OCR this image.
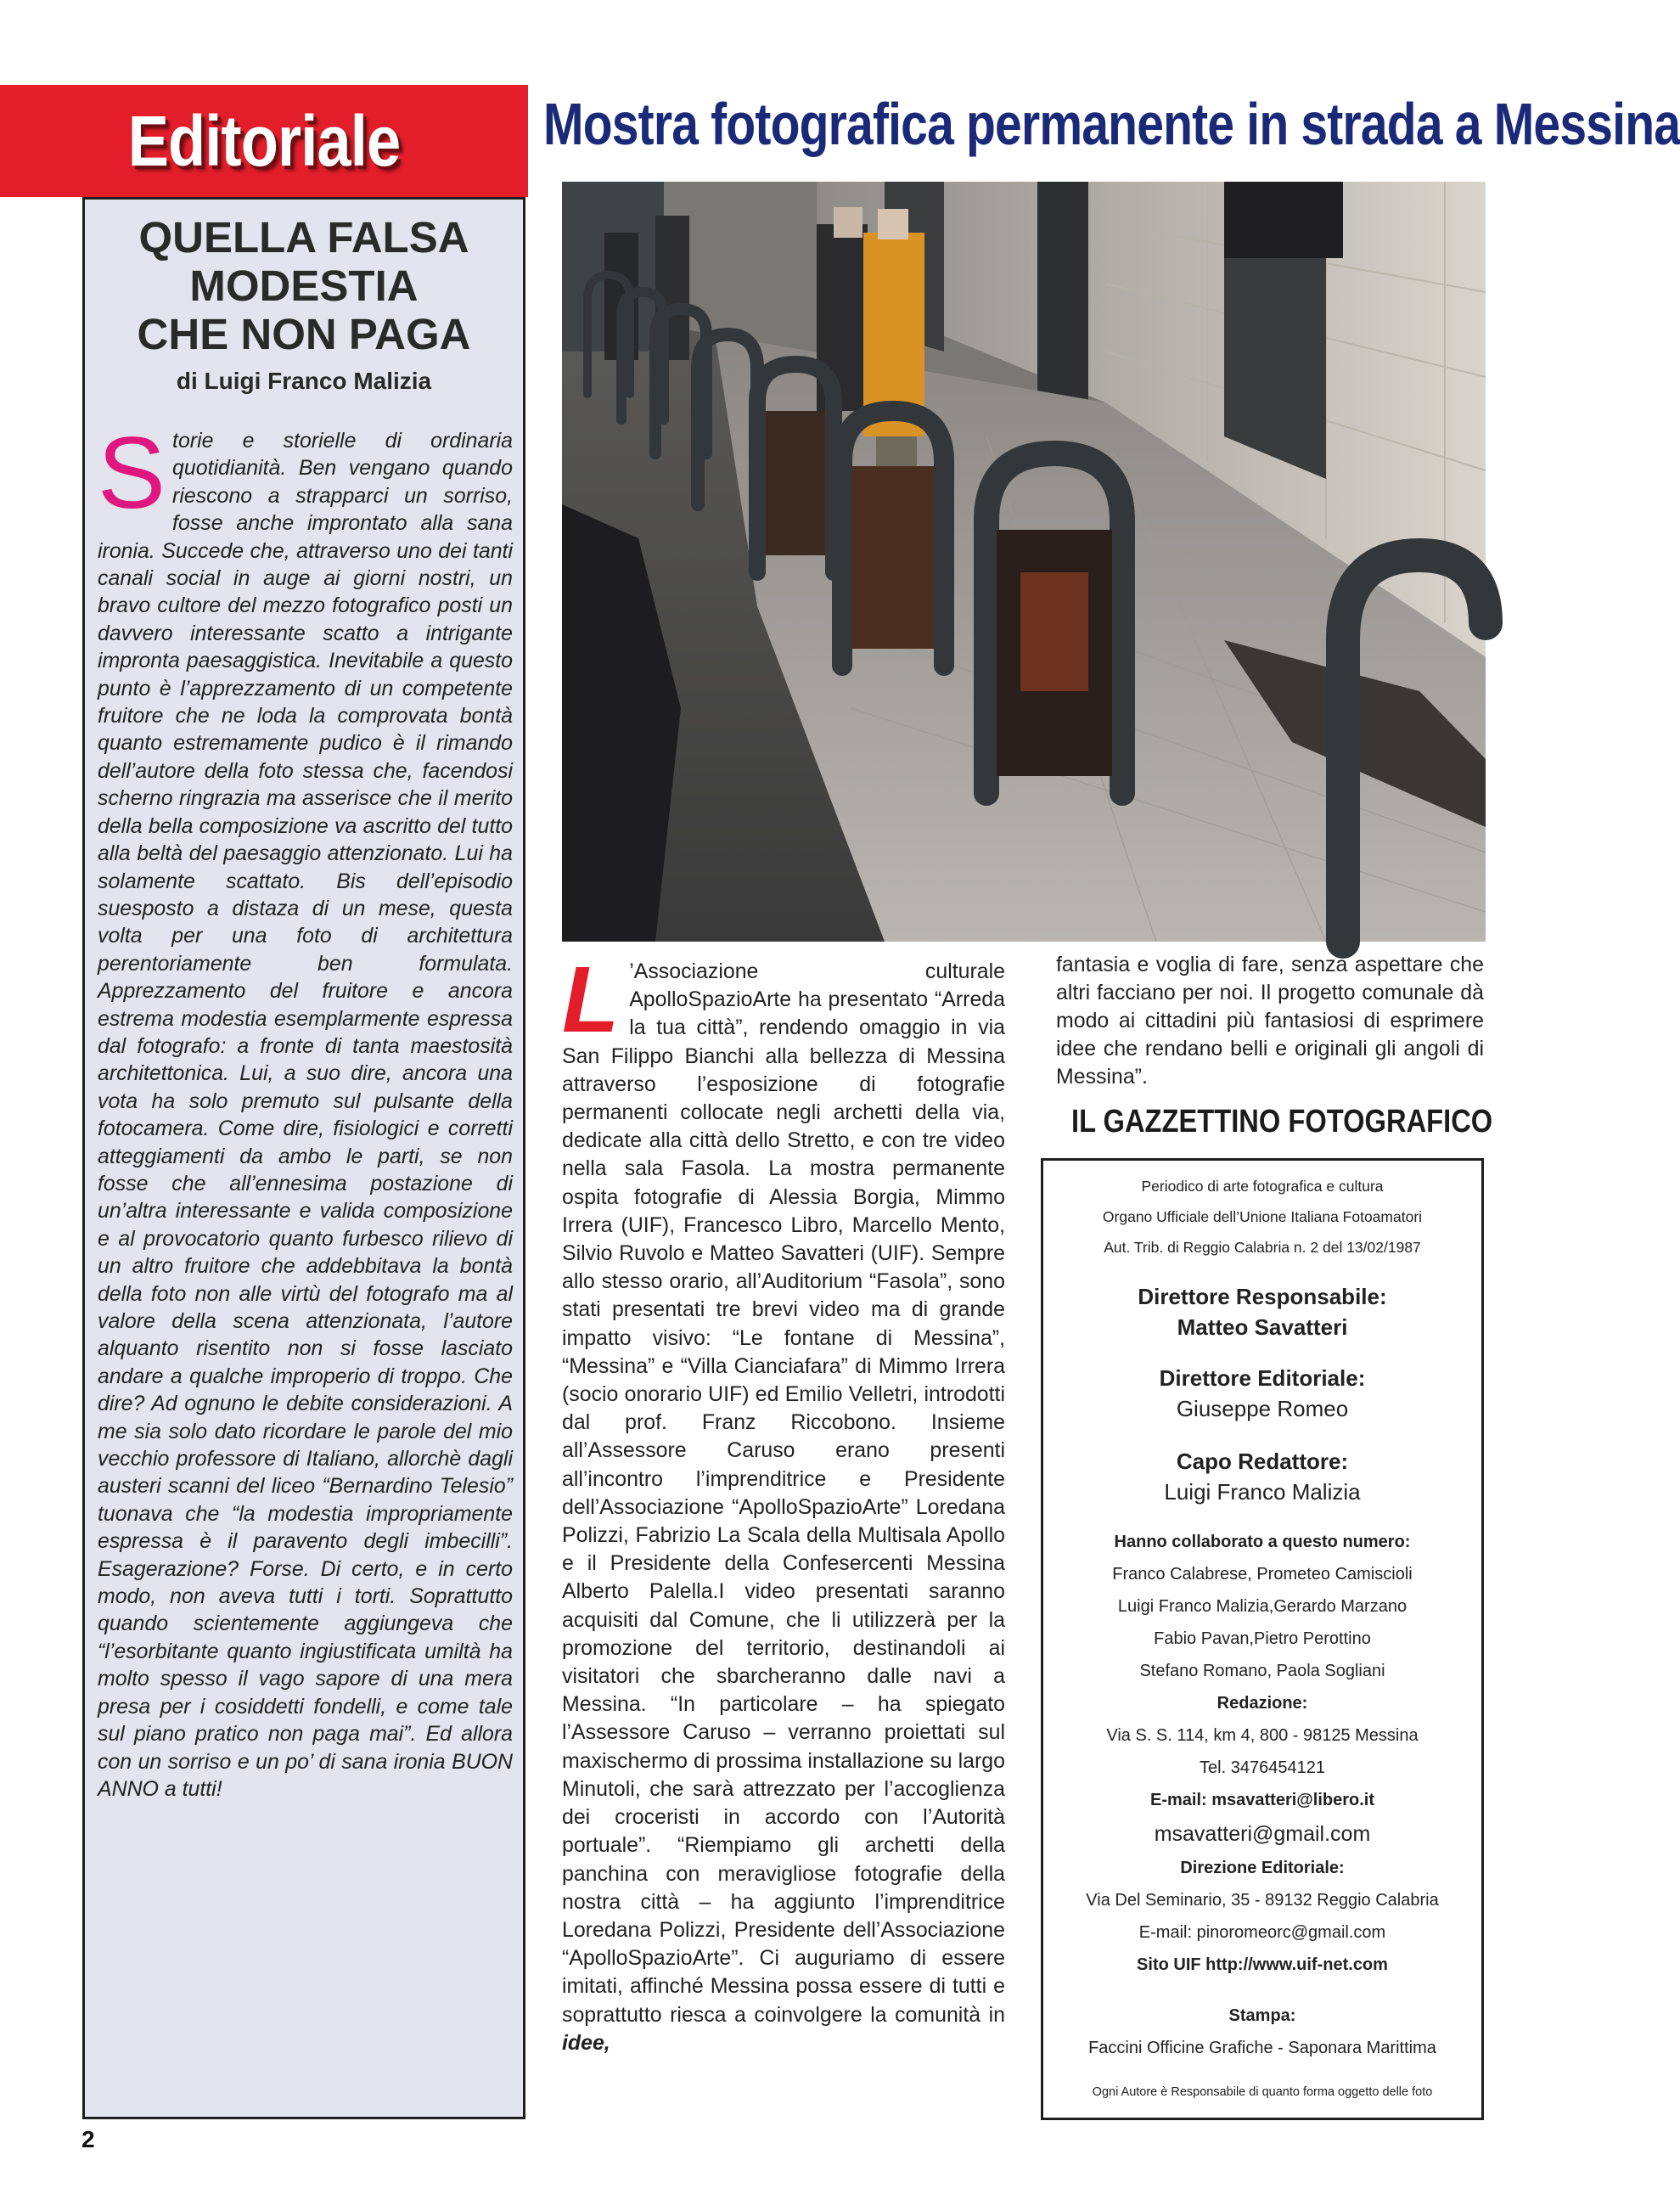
Editoriale
QUELLA FALSA
MODESTIA
CHE NON PAGA
di Luigi Franco Malizia
Storie e storielle di ordinaria quotidianità. Ben vengano quando riescono a strapparci un sorriso, fosse anche improntato alla sana ironia. Succede che, attraverso uno dei tanti canali social in auge ai giorni nostri, un bravo cultore del mezzo fotografico posti un davvero interessante scatto a intrigante impronta paesaggistica. Inevitabile a questo punto è l’apprezzamento di un competente fruitore che ne loda la comprovata bontà quanto estremamente pudico è il rimando dell’autore della foto stessa che, facendosi scherno ringrazia ma asserisce che il merito della bella composizione va ascritto del tutto alla beltà del paesaggio attenzionato. Lui ha solamente scattato. Bis dell’episodio suesposto a distaza di un mese, questa volta per una foto di architettura perentoriamente ben formulata. Apprezzamento del fruitore e ancora estrema modestia esemplarmente espressa dal fotografo: a fronte di tanta maestosità architettonica. Lui, a suo dire, ancora una vota ha solo premuto sul pulsante della fotocamera. Come dire, fisiologici e corretti atteggiamenti da ambo le parti, se non fosse che all’ennesima postazione di un’altra interessante e valida composizione e al provocatorio quanto furbesco rilievo di un altro fruitore che addebbitava la bontà della foto non alle virtù del fotografo ma al valore della scena attenzionata, l’autore alquanto risentito non si fosse lasciato andare a qualche improperio di troppo. Che dire? Ad ognuno le debite considerazioni. A me sia solo dato ricordare le parole del mio vecchio professore di Italiano, allorchè dagli austeri scanni del liceo “Bernardino Telesio” tuonava che “la modestia impropriamente espressa è il paravento degli imbecilli”. Esagerazione? Forse. Di certo, e in certo modo, non aveva tutti i torti. Soprattutto quando scientemente aggiungeva che “l’esorbitante quanto ingiustificata umiltà ha molto spesso il vago sapore di una mera presa per i cosiddetti fondelli, e come tale sul piano pratico non paga mai”. Ed allora con un sorriso e un po’ di sana ironia BUON ANNO a tutti!
Mostra fotografica permanente in strada a Messina
L ’Associazione culturale ApolloSpazioArte ha presentato “Arreda la tua città”, rendendo omaggio in via San Filippo Bianchi alla bellezza di Messina attraverso l’esposizione di fotografie permanenti collocate negli archetti della via, dedicate alla città dello Stretto, e con tre video nella sala Fasola. La mostra permanente ospita fotografie di Alessia Borgia, Mimmo Irrera (UIF), Francesco Libro, Marcello Mento, Silvio Ruvolo e Matteo Savatteri (UIF). Sempre allo stesso orario, all’Auditorium “Fasola”, sono stati presentati tre brevi video ma di grande impatto visivo: “Le fontane di Messina”, “Messina” e “Villa Cianciafara” di Mimmo Irrera (socio onorario UIF) ed Emilio Velletri, introdotti dal prof. Franz Riccobono. Insieme all’Assessore Caruso erano presenti all’incontro l’imprenditrice e Presidente dell’Associazione “ApolloSpazioArte” Loredana Polizzi, Fabrizio La Scala della Multisala Apollo e il Presidente della Confesercenti Messina Alberto Palella.I video presentati saranno acquisiti dal Comune, che li utilizzerà per la promozione del territorio, destinandoli ai visitatori che sbarcheranno dalle navi a Messina. “In particolare – ha spiegato l’Assessore Caruso – verranno proiettati sul maxischermo di prossima installazione su largo Minutoli, che sarà attrezzato per l’accoglienza dei croceristi in accordo con l’Autorità portuale”. “Riempiamo gli archetti della panchina con meravigliose fotografie della nostra città – ha aggiunto l’imprenditrice Loredana Polizzi, Presidente dell’Associazione “ApolloSpazioArte”. Ci auguriamo di essere imitati, affinché Messina possa essere di tutti e soprattutto riesca a coinvolgere la comunità in idee,
fantasia e voglia di fare, senza aspettare che altri facciano per noi. Il progetto comunale dà modo ai cittadini più fantasiosi di esprimere idee che rendano belli e originali gli angoli di Messina”.
IL GAZZETTINO FOTOGRAFICO
Periodico di arte fotografica e cultura
Organo Ufficiale dell’Unione Italiana Fotoamatori
Aut. Trib. di Reggio Calabria n. 2 del 13/02/1987
Direttore Responsabile:
Matteo Savatteri
Direttore Editoriale:
Giuseppe Romeo
Capo Redattore:
Luigi Franco Malizia
Hanno collaborato a questo numero:
Franco Calabrese, Prometeo Camiscioli
Luigi Franco Malizia,Gerardo Marzano
Fabio Pavan,Pietro Perottino
Stefano Romano, Paola Sogliani
Redazione:
Via S. S. 114, km 4, 800 - 98125 Messina
Tel. 3476454121
E-mail: msavatteri@libero.it
msavatteri@gmail.com
Direzione Editoriale:
Via Del Seminario, 35 - 89132 Reggio Calabria
E-mail: pinoromeorc@gmail.com
Sito UIF http://www.uif-net.com
Stampa:
Faccini Officine Grafiche - Saponara Marittima
Ogni Autore è Responsabile di quanto forma oggetto delle foto
2
